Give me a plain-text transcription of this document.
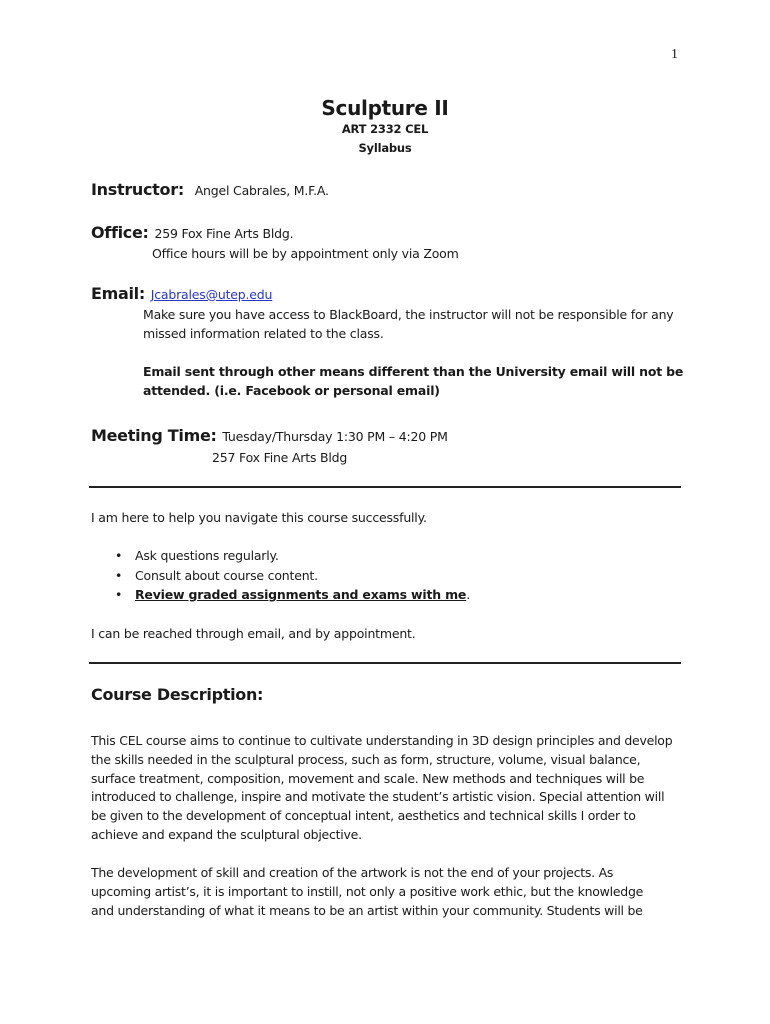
1
Sculpture II
ART 2332 CEL
Syllabus
Instructor: Angel Cabrales, M.F.A.
Office: 259 Fox Fine Arts Bldg.
Office hours will be by appointment only via Zoom
Email: Jcabrales@utep.edu
Make sure you have access to BlackBoard, the instructor will not be responsible for any
missed information related to the class.
Email sent through other means different than the University email will not be
attended. (i.e. Facebook or personal email)
Meeting Time: Tuesday/Thursday 1:30 PM – 4:20 PM
257 Fox Fine Arts Bldg
I am here to help you navigate this course successfully.
• Ask questions regularly.
• Consult about course content.
• Review graded assignments and exams with me.
I can be reached through email, and by appointment.
Course Description:
This CEL course aims to continue to cultivate understanding in 3D design principles and develop
the skills needed in the sculptural process, such as form, structure, volume, visual balance,
surface treatment, composition, movement and scale. New methods and techniques will be
introduced to challenge, inspire and motivate the student’s artistic vision. Special attention will
be given to the development of conceptual intent, aesthetics and technical skills I order to
achieve and expand the sculptural objective.
The development of skill and creation of the artwork is not the end of your projects. As
upcoming artist’s, it is important to instill, not only a positive work ethic, but the knowledge
and understanding of what it means to be an artist within your community. Students will be
